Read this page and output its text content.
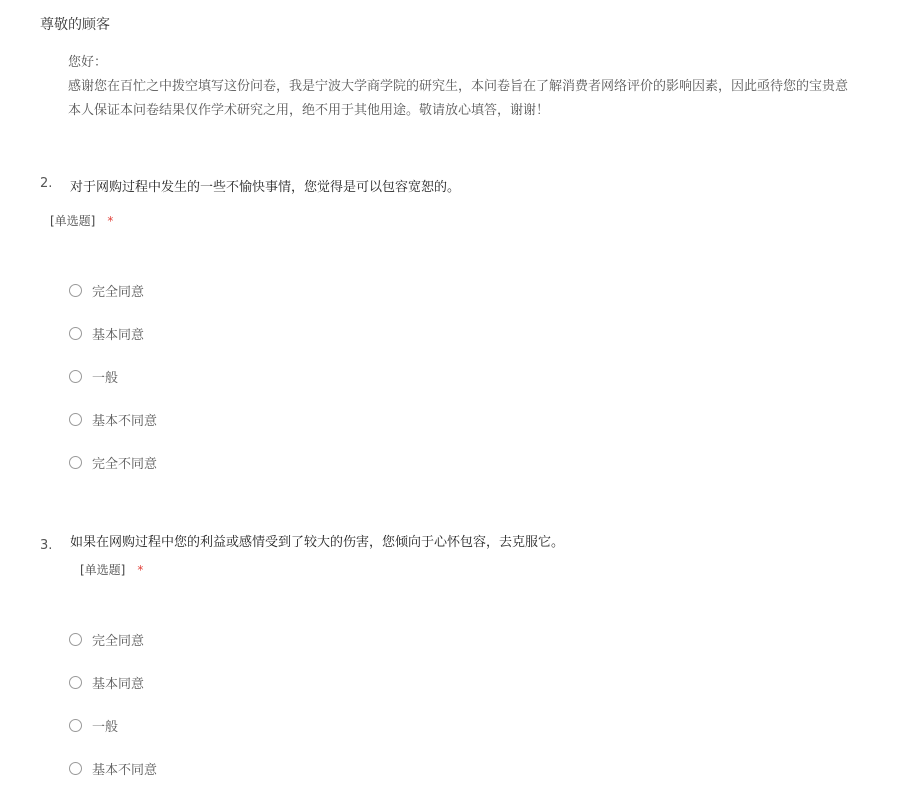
尊敬的顾客
您好：
感谢您在百忙之中拨空填写这份问卷，我是宁波大学商学院的研究生，本问卷旨在了解消费者网络评价的影响因素，因此亟待您的宝贵意
本人保证本问卷结果仅作学术研究之用，绝不用于其他用途。敬请放心填答，谢谢！
2. 对于网购过程中发生的一些不愉快事情，您觉得是可以包容宽恕的。
[单选题] *
完全同意
基本同意
一般
基本不同意
完全不同意
3. 如果在网购过程中您的利益或感情受到了较大的伤害，您倾向于心怀包容，去克服它。
[单选题] *
完全同意
基本同意
一般
基本不同意
